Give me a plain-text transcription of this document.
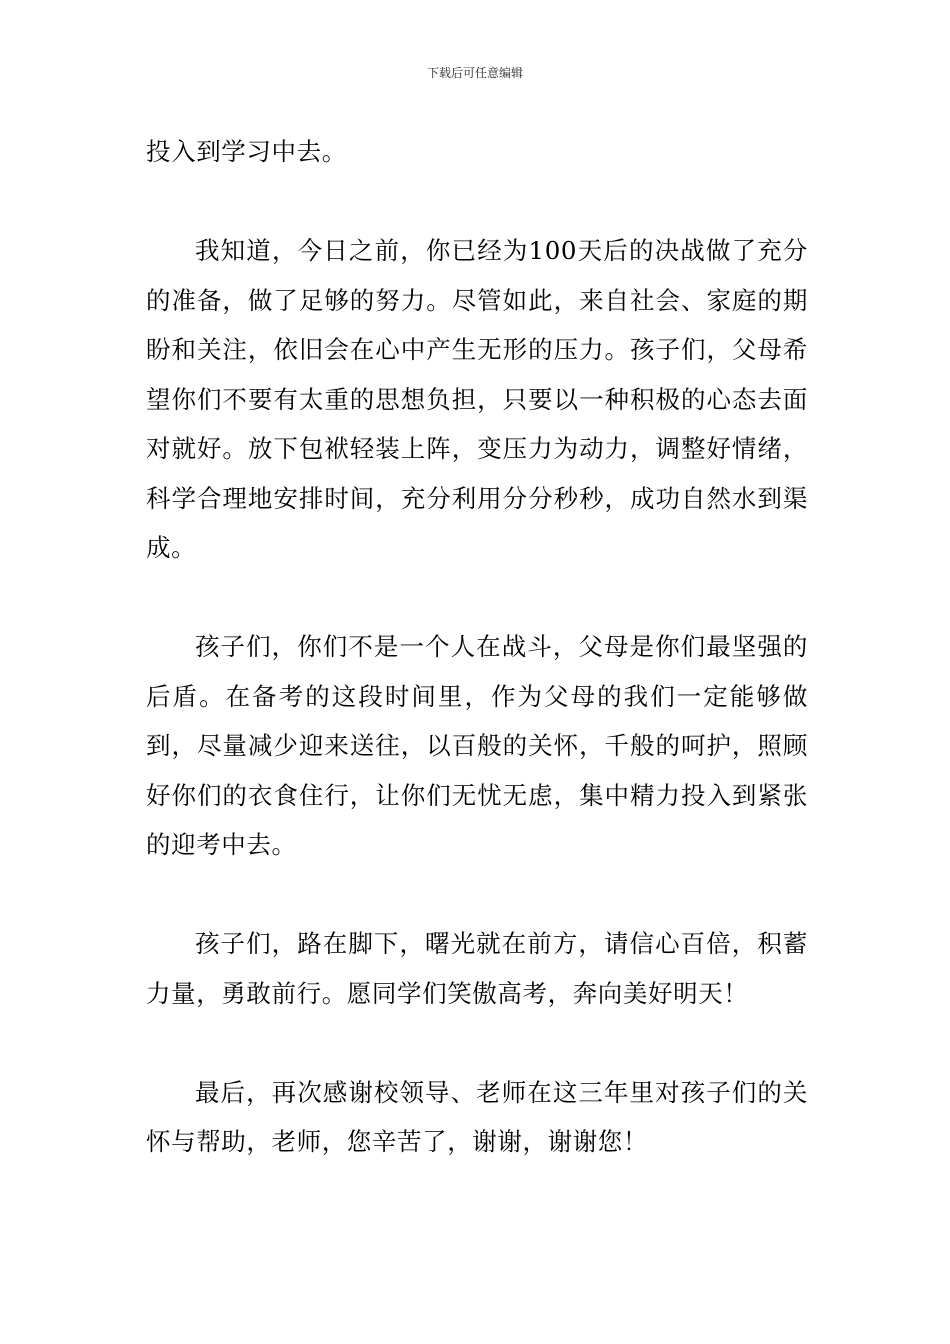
下载后可任意编辑

投入到学习中去。

我知道，今日之前，你已经为100天后的决战做了充分的准备，做了足够的努力。尽管如此，来自社会、家庭的期盼和关注，依旧会在心中产生无形的压力。孩子们，父母希望你们不要有太重的思想负担，只要以一种积极的心态去面对就好。放下包袱轻装上阵，变压力为动力，调整好情绪，科学合理地安排时间，充分利用分分秒秒，成功自然水到渠成。

孩子们，你们不是一个人在战斗，父母是你们最坚强的后盾。在备考的这段时间里，作为父母的我们一定能够做到，尽量减少迎来送往，以百般的关怀，千般的呵护，照顾好你们的衣食住行，让你们无忧无虑，集中精力投入到紧张的迎考中去。

孩子们，路在脚下，曙光就在前方，请信心百倍，积蓄力量，勇敢前行。愿同学们笑傲高考，奔向美好明天！

最后，再次感谢校领导、老师在这三年里对孩子们的关怀与帮助，老师，您辛苦了，谢谢，谢谢您！
